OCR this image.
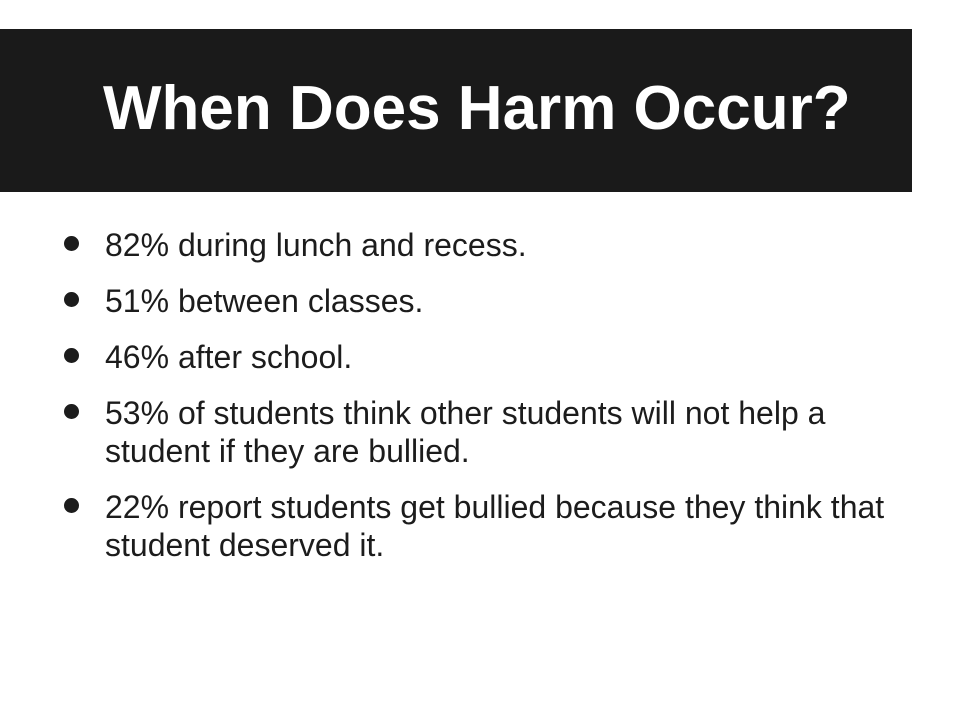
When Does Harm Occur?
82% during lunch and recess.
51% between classes.
46% after school.
53% of students think other students will not help a student if they are bullied.
22% report students get bullied because they think that student deserved it.
